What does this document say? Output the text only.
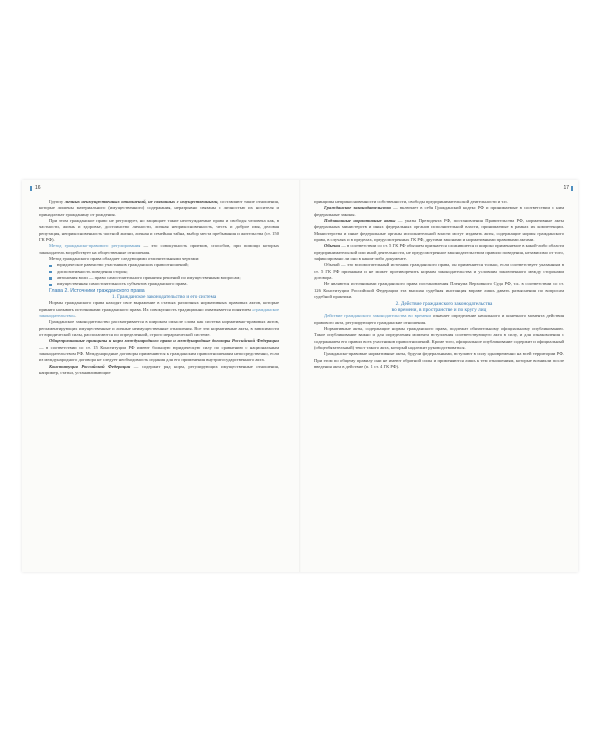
16

Группу личных неимущественных отношений, не связанных с имущественными, составляют такие отношения, которые лишены материального (имущественного) содержания, неразрывно связаны с личностью их носителя и принадлежат гражданину от рождения.

При этом гражданское право не регулирует, но защищает такие неотчуждаемые права и свободы человека как, в частности, жизнь и здоровье, достоинство личности, личная неприкосновенность, честь и доброе имя, деловая репутация, неприкосновенность частной жизни, личная и семейная тайна, выбор места пребывания и жительства (ст. 150 ГК РФ).

Метод гражданско-правового регулирования — это совокупность приемов, способов, при помощи которых законодатель воздействует на общественные отношения.

Метод гражданского права обладает следующими отличительными чертами:

юридическое равенство участников гражданских правоотношений;
диспозитивность поведения сторон;
автономия воли — право самостоятельного принятия решений по имущественным вопросам;
имущественная самостоятельность субъектов гражданского права.

Глава 2. Источники гражданского права

1. Гражданское законодательство и его система

Нормы гражданского права находят свое выражение в статьях различных нормативных правовых актов, которые принято называть источниками гражданского права. Их совокупность традиционно охватывается понятием «гражданское законодательство».

Гражданское законодательство рассматривается в широком смысле слова как система нормативно-правовых актов, регламентирующих имущественные и личные неимущественные отношения. Все эти нормативные акты, в зависимости от юридической силы, располагаются по определенной, строго иерархической системе.

Общепризнанные принципы и норм международного права и международные договоры Российской Федерации — в соответствии со ст. 15 Конституции РФ имеют большую юридическую силу по сравнению с национальным законодательством РФ. Международные договоры применяются к гражданским правоотношениям непосредственно, если из международного договора не следует необходимость издания для его применения внутригосударственного акта.

Конституция Российской Федерации — содержит ряд норм, регулирующих имущественные отношения, например, статьи, устанавливающие

17

принципы неприкосновенности собственности, свободы предпринимательской деятельности и т.п.

Гражданское законодательство — включает в себя Гражданский кодекс РФ и принимаемые в соответствии с ним федеральные законы.

Подзаконные нормативные акты — указы Президента РФ, постановления Правительства РФ, нормативные акты федеральных министерств и иных федеральных органов исполнительной власти, принимаемые в рамках их компетенции. Министерства и иные федеральные органы исполнительной власти могут издавать акты, содержащие нормы гражданского права, в случаях и в пределах, предусмотренных ГК РФ, другими законами и нормативными правовыми актами.

Обычаи — в соответствии со ст. 5 ГК РФ обычаем признается сложившееся и широко применяемое в какой-либо области предпринимательской или иной деятельности, не предусмотренное законодательством правило поведения, независимо от того, зафиксировано ли оно в каком-либо документе.

Обычай — это вспомогательный источник гражданского права, он применяется только, если соответствует указанным в ст. 5 ГК РФ признакам и не может противоречить нормам законодательства и условиям заключенного между сторонами договора.

Не являются источниками гражданского права постановления Пленума Верховного Суда РФ, т.к. в соответствии со ст. 126 Конституции Российской Федерации эта высшая судебная инстанция вправе лишь давать разъяснения по вопросам судебной практики.

2. Действие гражданского законодательства
во времени, в пространстве и по кругу лиц

Действие гражданского законодательства во времени означает определение начального и конечного момента действия правового акта, регулирующего гражданские отношения.

Нормативные акты, содержащие нормы гражданского права, подлежат обязательному официальному опубликованию. Такое опубликование важно и для определения момента вступления соответствующего акта в силу, и для ознакомления с содержанием его правил всех участников правоотношений. Кроме того, официальное опубликование содержит и официальный (общеобязательный) текст такого акта, который надлежит руководствоваться.

Гражданско-правовые нормативные акты, будучи федеральными, вступают в силу одновременно на всей территории РФ. При этом по общему правилу они не имеют обратной силы и применяются лишь к тем отношениям, которые возникли после введения акта в действие (п. 1 ст. 4 ГК РФ).
